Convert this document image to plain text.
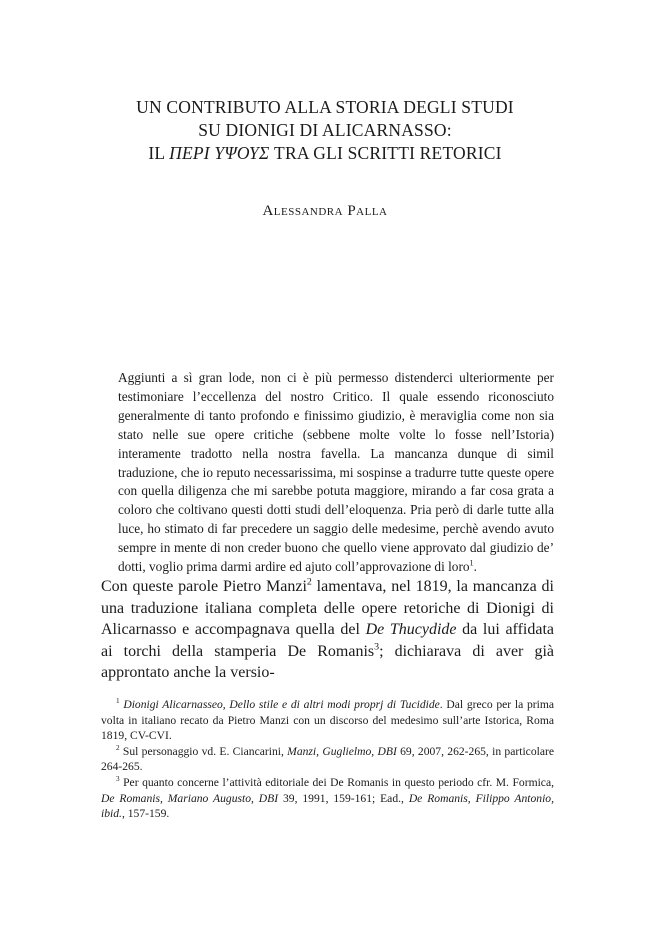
UN CONTRIBUTO ALLA STORIA DEGLI STUDI
SU DIONIGI DI ALICARNASSO:
IL ΠΕΡΙ ΥΨΟΥΣ TRA GLI SCRITTI RETORICI
Alessandra Palla

Aggiunti a sì gran lode, non ci è più permesso distenderci ulteriormente per testimoniare l’eccellenza del nostro Critico. Il quale essendo riconosciuto generalmente di tanto profondo e finissimo giudizio, è meraviglia come non sia stato nelle sue opere critiche (sebbene molte volte lo fosse nell’Istoria) interamente tradotto nella nostra favella. La mancanza dunque di simil traduzione, che io reputo necessarissima, mi sospinse a tradurre tutte queste opere con quella diligenza che mi sarebbe potuta maggiore, mirando a far cosa grata a coloro che coltivano questi dotti studi dell’eloquenza. Pria però di darle tutte alla luce, ho stimato di far precedere un saggio delle medesime, perchè avendo avuto sempre in mente di non creder buono che quello viene approvato dal giudizio de’ dotti, voglio prima darmi ardire ed ajuto coll’approvazione di loro$^1$.

Con queste parole Pietro Manzi$^2$ lamentava, nel 1819, la mancanza di una traduzione italiana completa delle opere retoriche di Dionigi di Alicarnasso e accompagnava quella del De Thucydide da lui affidata ai torchi della stamperia De Romanis$^3$; dichiarava di aver già approntato anche la versio-

$^1$ Dionigi Alicarnasseo, Dello stile e di altri modi proprj di Tucidide. Dal greco per la prima volta in italiano recato da Pietro Manzi con un discorso del medesimo sull’arte Istorica, Roma 1819, CV-CVI.

$^2$ Sul personaggio vd. E. Ciancarini, Manzi, Guglielmo, DBI 69, 2007, 262-265, in particolare 264-265.

$^3$ Per quanto concerne l’attività editoriale dei De Romanis in questo periodo cfr. M. Formica, De Romanis, Mariano Augusto, DBI 39, 1991, 159-161; Ead., De Romanis, Filippo Antonio, ibid., 157-159.
